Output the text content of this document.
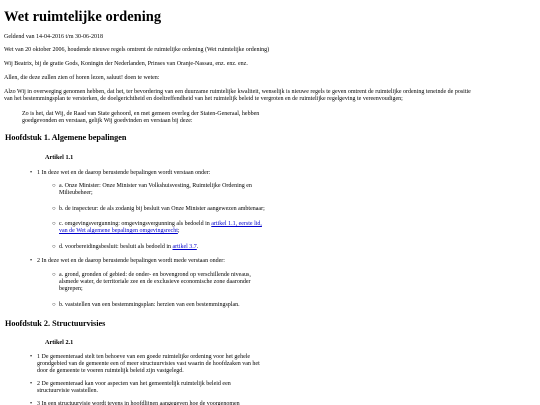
Wet ruimtelijke ordening

Geldend van 14-04-2016 t/m 30-06-2018

Wet van 20 oktober 2006, houdende nieuwe regels omtrent de ruimtelijke ordening (Wet ruimtelijke ordening)

Wij Beatrix, bij de gratie Gods, Koningin der Nederlanden, Prinses van Oranje-Nassau, enz. enz. enz.

Allen, die deze zullen zien of horen lezen, saluut! doen te weten:

Alzo Wij in overweging genomen hebben, dat het, ter bevordering van een duurzame ruimtelijke kwaliteit, wenselijk is nieuwe regels te geven omtrent de ruimtelijke ordening teneinde de positie

van het bestemmingsplan te versterken, de doelgerichtheid en doeltreffendheid van het ruimtelijk beleid te vergroten en de ruimtelijke regelgeving te vereenvoudigen;

Zo is het, dat Wij, de Raad van State gehoord, en met gemeen overleg der Staten-Generaal, hebben

goedgevonden en verstaan, gelijk Wij goedvinden en verstaan bij deze:

Hoofdstuk 1. Algemene bepalingen

Artikel 1.1

• 1 In deze wet en de daarop berustende bepalingen wordt verstaan onder:
○ a. Onze Minister: Onze Minister van Volkshuisvesting, Ruimtelijke Ordening en
Milieubeheer;
○ b. de inspecteur: de als zodanig bij besluit van Onze Minister aangewezen ambtenaar;
○ c. omgevingsvergunning: omgevingsvergunning als bedoeld in artikel 1.1, eerste lid,
van de Wet algemene bepalingen omgevingsrecht;
○ d. voorbereidingsbesluit: besluit als bedoeld in artikel 3.7.
• 2 In deze wet en de daarop berustende bepalingen wordt mede verstaan onder:
○ a. grond, gronden of gebied: de onder- en bovengrond op verschillende niveaus,
alsmede water, de territoriale zee en de exclusieve economische zone daaronder
begrepen;
○ b. vaststellen van een bestemmingsplan: herzien van een bestemmingsplan.

Hoofdstuk 2. Structuurvisies

Artikel 2.1

• 1 De gemeenteraad stelt ten behoeve van een goede ruimtelijke ordening voor het gehele
grondgebied van de gemeente een of meer structuurvisies vast waarin de hoofdzaken van het
door de gemeente te voeren ruimtelijk beleid zijn vastgelegd.
• 2 De gemeenteraad kan voor aspecten van het gemeentelijk ruimtelijk beleid een
structuurvisie vaststellen.
• 3 In een structuurvisie wordt tevens in hoofdlijnen aangegeven hoe de voorgenomen
